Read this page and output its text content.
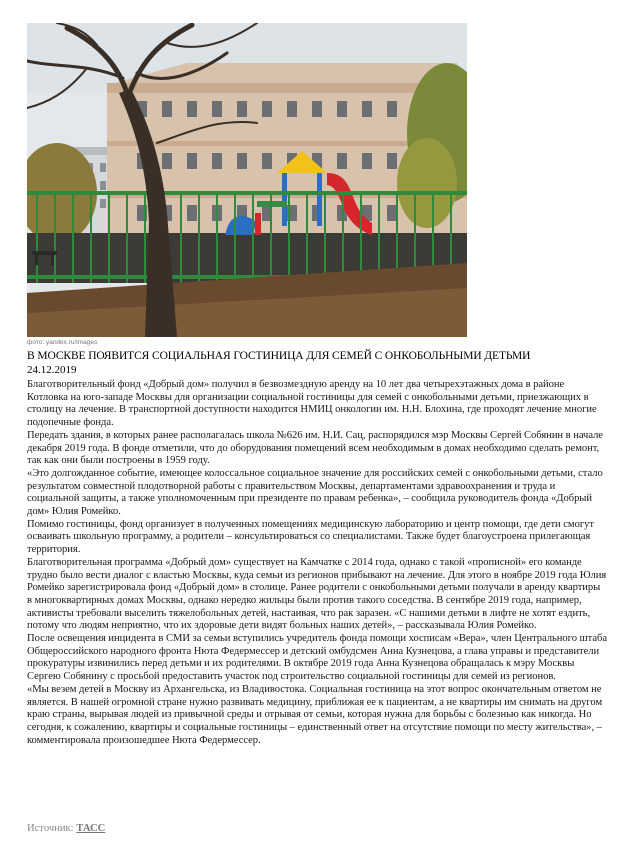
фото: yandex.ru/images
В МОСКВЕ ПОЯВИТСЯ СОЦИАЛЬНАЯ ГОСТИНИЦА ДЛЯ СЕМЕЙ С ОНКОБОЛЬНЫМИ ДЕТЬМИ
24.12.2019

Благотворительный фонд «Добрый дом» получил в безвозмездную аренду на 10 лет два четырехэтажных дома в районе Котловка на юго-западе Москвы для организации социальной гостиницы для семей с онкобольными детьми, приезжающих в столицу на лечение. В транспортной доступности находится НМИЦ онкологии им. Н.Н. Блохина, где проходят лечение многие подопечные фонда.

Передать здания, в которых ранее располагалась школа №626 им. Н.И. Сац, распорядился мэр Москвы Сергей Собянин в начале декабря 2019 года. В фонде отметили, что до оборудования помещений всем необходимым в домах необходимо сделать ремонт, так как они были построены в 1959 году.

«Это долгожданное событие, имеющее колоссальное социальное значение для российских семей с онкобольными детьми, стало результатом совместной плодотворной работы с правительством Москвы, департаментами здравоохранения и труда и социальной защиты, а также уполномоченным при президенте по правам ребенка», – сообщила руководитель фонда «Добрый дом» Юлия Ромейко.

Помимо гостиницы, фонд организует в полученных помещениях медицинскую лабораторию и центр помощи, где дети смогут осваивать школьную программу, а родители – консультироваться со специалистами. Также будет благоустроена прилегающая территория.

Благотворительная программа «Добрый дом» существует на Камчатке с 2014 года, однако с такой «прописной» его команде трудно было вести диалог с властью Москвы, куда семьи из регионов прибывают на лечение. Для этого в ноябре 2019 года Юлия Ромейко зарегистрировала фонд «Добрый дом» в столице. Ранее родители с онкобольными детьми получали в аренду квартиры в многоквартирных домах Москвы, однако нередко жильцы были против такого соседства. В сентябре 2019 года, например, активисты требовали выселить тяжелобольных детей, настаивая, что рак заразен. «С нашими детьми в лифте не хотят ездить, потому что людям неприятно, что их здоровые дети видят больных наших детей», – рассказывала Юлия Ромейко.

После освещения инцидента в СМИ за семьи вступились учредитель фонда помощи хосписам «Вера», член Центрального штаба Общероссийского народного фронта Нюта Федермессер и детский омбудсмен Анна Кузнецова, а глава управы и представители прокуратуры извинились перед детьми и их родителями. В октябре 2019 года Анна Кузнецова обращалась к мэру Москвы Сергею Собянину с просьбой предоставить участок под строительство социальной гостиницы для семей из регионов.

«Мы везем детей в Москву из Архангельска, из Владивостока. Социальная гостиница на этот вопрос окончательным ответом не является. В нашей огромной стране нужно развивать медицину, приближая ее к пациентам, а не квартиры им снимать на другом краю страны, вырывая людей из привычной среды и отрывая от семьи, которая нужна для борьбы с болезнью как никогда. Но сегодня, к сожалению, квартиры и социальные гостиницы – единственный ответ на отсутствие помощи по месту жительства», – комментировала произошедшее Нюта Федермессер.

Источник: ТАСС
